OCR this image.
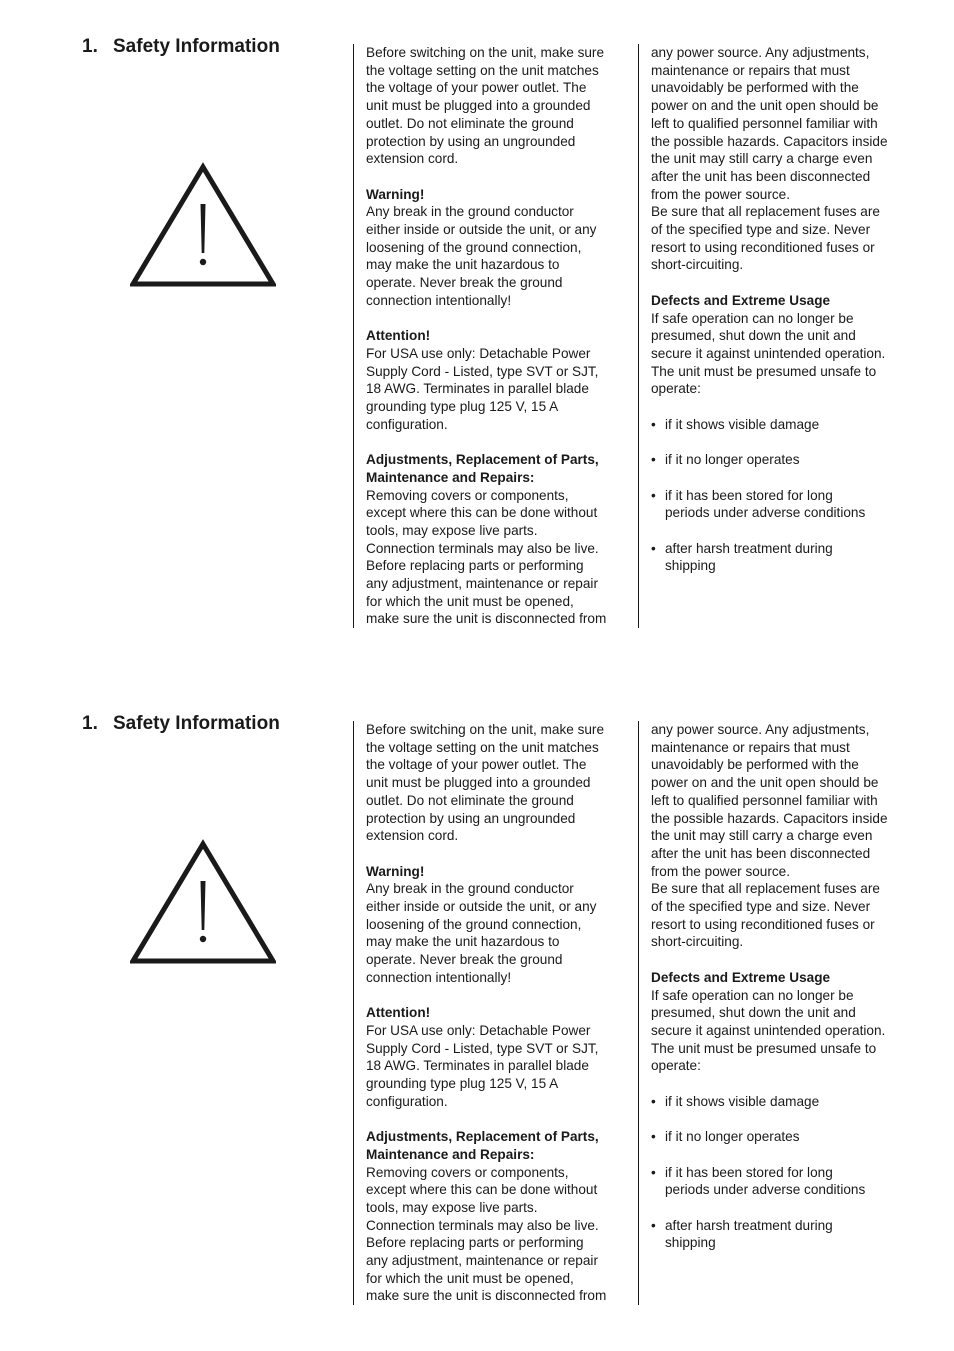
1. Safety Information	Before switching on the unit, make sure

the voltage setting on the unit matches

the voltage of your power outlet. The

unit must be plugged into a grounded

outlet. Do not eliminate the ground

protection by using an ungrounded

extension cord.

Warning!

Any break in the ground conductor

either inside or outside the unit, or any

loosening of the ground connection,

may make the unit hazardous to

operate. Never break the ground

connection intentionally!

Attention!

For USA use only: Detachable Power

Supply Cord - Listed, type SVT or SJT,

18 AWG. Terminates in parallel blade

grounding type plug 125 V, 15 A

configuration.

Adjustments, Replacement of Parts,

Maintenance and Repairs:

Removing covers or components,

except where this can be done without

tools, may expose live parts.

Connection terminals may also be live.

Before replacing parts or performing

any adjustment, maintenance or repair

for which the unit must be opened,

make sure the unit is disconnected from

any power source. Any adjustments,

maintenance or repairs that must

unavoidably be performed with the

power on and the unit open should be

left to qualified personnel familiar with

the possible hazards. Capacitors inside

the unit may still carry a charge even

after the unit has been disconnected

from the power source.

Be sure that all replacement fuses are

of the specified type and size. Never

resort to using reconditioned fuses or

short-circuiting.

Defects and Extreme Usage

If safe operation can no longer be

presumed, shut down the unit and

secure it against unintended operation.

The unit must be presumed unsafe to

operate:

• if it shows visible damage

• if it no longer operates

• if it has been stored for long

periods under adverse conditions

• after harsh treatment during

shipping

1. Safety Information	Before switching on the unit, make sure

the voltage setting on the unit matches

the voltage of your power outlet. The

unit must be plugged into a grounded

outlet. Do not eliminate the ground

protection by using an ungrounded

extension cord.

Warning!

Any break in the ground conductor

either inside or outside the unit, or any

loosening of the ground connection,

may make the unit hazardous to

operate. Never break the ground

connection intentionally!

Attention!

For USA use only: Detachable Power

Supply Cord - Listed, type SVT or SJT,

18 AWG. Terminates in parallel blade

grounding type plug 125 V, 15 A

configuration.

Adjustments, Replacement of Parts,

Maintenance and Repairs:

Removing covers or components,

except where this can be done without

tools, may expose live parts.

Connection terminals may also be live.

Before replacing parts or performing

any adjustment, maintenance or repair

for which the unit must be opened,

make sure the unit is disconnected from

any power source. Any adjustments,

maintenance or repairs that must

unavoidably be performed with the

power on and the unit open should be

left to qualified personnel familiar with

the possible hazards. Capacitors inside

the unit may still carry a charge even

after the unit has been disconnected

from the power source.

Be sure that all replacement fuses are

of the specified type and size. Never

resort to using reconditioned fuses or

short-circuiting.

Defects and Extreme Usage

If safe operation can no longer be

presumed, shut down the unit and

secure it against unintended operation.

The unit must be presumed unsafe to

operate:

• if it shows visible damage

• if it no longer operates

• if it has been stored for long

periods under adverse conditions

• after harsh treatment during

shipping
